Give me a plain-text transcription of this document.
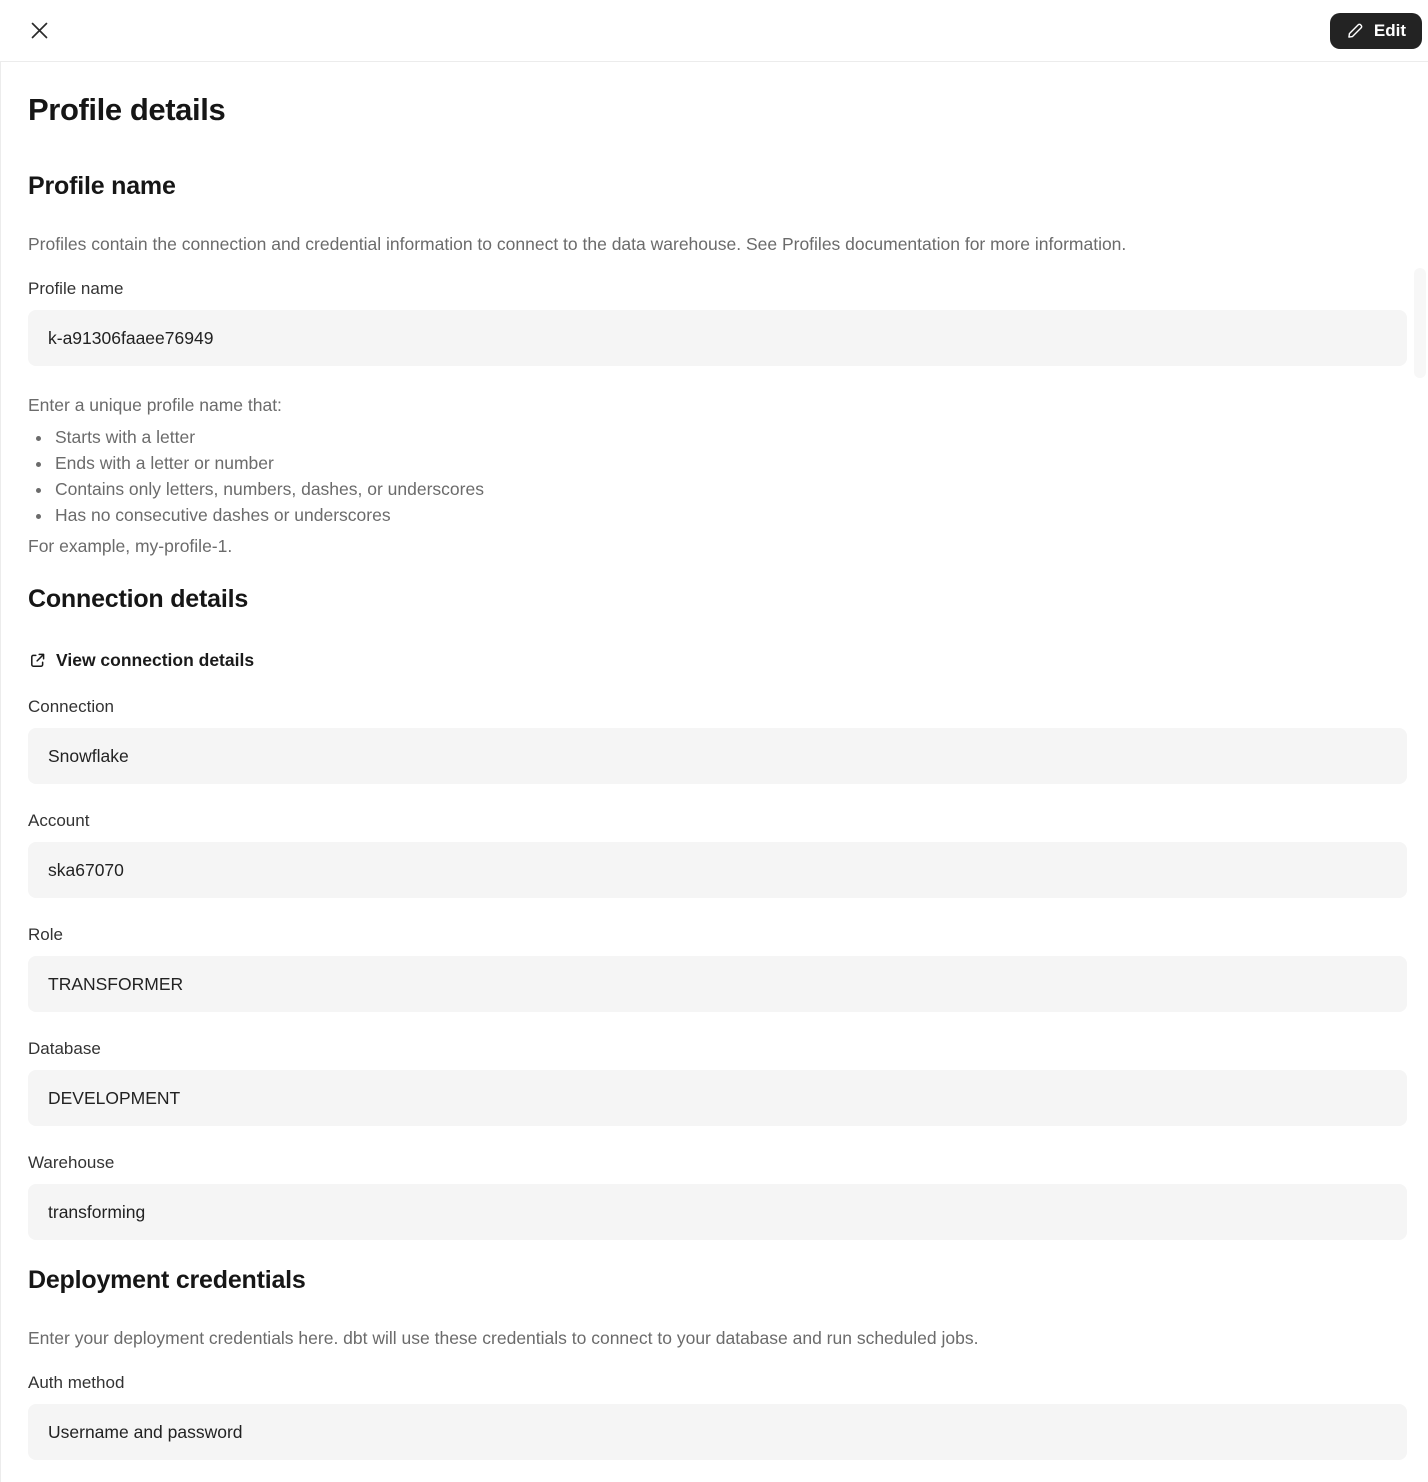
Edit
Profile details
Profile name

Profiles contain the connection and credential information to connect to the data warehouse. See Profiles documentation for more information.

Profile name
k-a91306faaee76949

Enter a unique profile name that:

• Starts with a letter
• Ends with a letter or number
• Contains only letters, numbers, dashes, or underscores
• Has no consecutive dashes or underscores

For example, my-profile-1.

Connection details
View connection details
Connection
Snowflake
Account
ska67070
Role
TRANSFORMER
Database
DEVELOPMENT
Warehouse
transforming
Deployment credentials

Enter your deployment credentials here. dbt will use these credentials to connect to your database and run scheduled jobs.

Auth method
Username and password
